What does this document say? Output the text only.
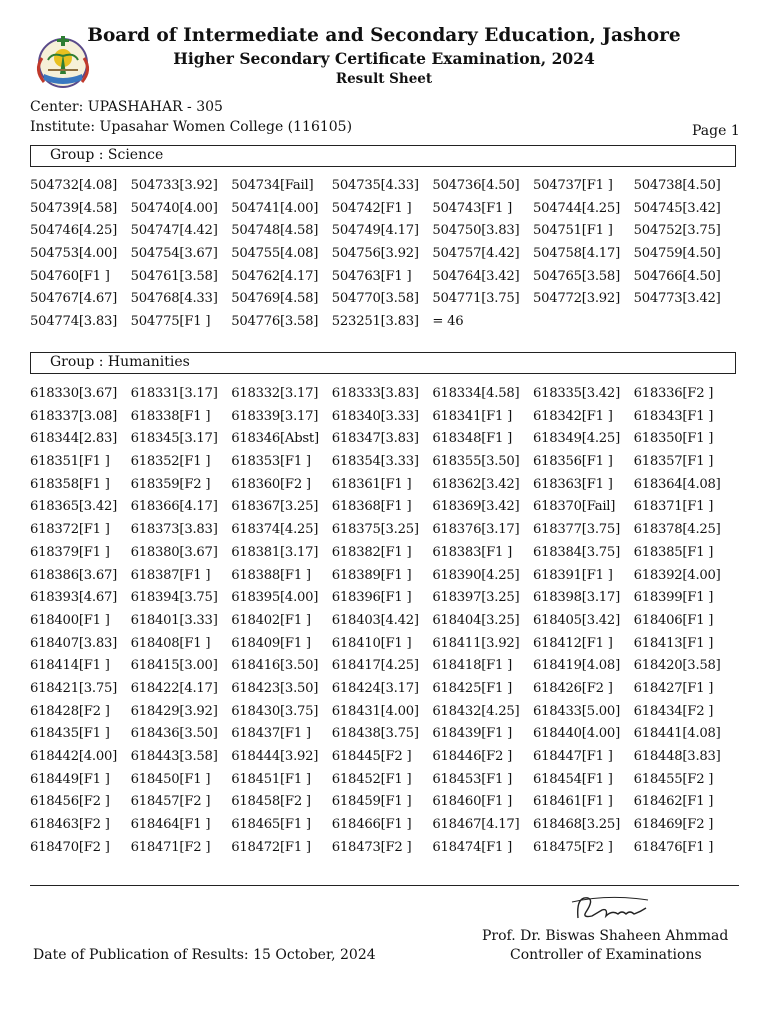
Board of Intermediate and Secondary Education, Jashore
Higher Secondary Certificate Examination, 2024
Result Sheet
Center: UPASHAHAR - 305
Institute: Upasahar Women College (116105)	Page 1
Group : Science
504732[4.08]	504733[3.92]	504734[Fail]	504735[4.33]	504736[4.50]	504737[F1 ]	504738[4.50]
504739[4.58]	504740[4.00]	504741[4.00]	504742[F1 ]	504743[F1 ]	504744[4.25]	504745[3.42]
504746[4.25]	504747[4.42]	504748[4.58]	504749[4.17]	504750[3.83]	504751[F1 ]	504752[3.75]
504753[4.00]	504754[3.67]	504755[4.08]	504756[3.92]	504757[4.42]	504758[4.17]	504759[4.50]
504760[F1 ]	504761[3.58]	504762[4.17]	504763[F1 ]	504764[3.42]	504765[3.58]	504766[4.50]
504767[4.67]	504768[4.33]	504769[4.58]	504770[3.58]	504771[3.75]	504772[3.92]	504773[3.42]
504774[3.83]	504775[F1 ]	504776[3.58]	523251[3.83]	= 46
Group : Humanities
618330[3.67]	618331[3.17]	618332[3.17]	618333[3.83]	618334[4.58]	618335[3.42]	618336[F2 ]
618337[3.08]	618338[F1 ]	618339[3.17]	618340[3.33]	618341[F1 ]	618342[F1 ]	618343[F1 ]
618344[2.83]	618345[3.17]	618346[Abst] 618347[3.83]	618348[F1 ]	618349[4.25]	618350[F1 ]
618351[F1 ]	618352[F1 ]	618353[F1 ]	618354[3.33]	618355[3.50]	618356[F1 ]	618357[F1 ]
618358[F1 ]	618359[F2 ]	618360[F2 ]	618361[F1 ]	618362[3.42]	618363[F1 ]	618364[4.08]
618365[3.42]	618366[4.17]	618367[3.25]	618368[F1 ]	618369[3.42]	618370[Fail]	618371[F1 ]
618372[F1 ]	618373[3.83]	618374[4.25]	618375[3.25]	618376[3.17]	618377[3.75]	618378[4.25]
618379[F1 ]	618380[3.67]	618381[3.17]	618382[F1 ]	618383[F1 ]	618384[3.75]	618385[F1 ]
618386[3.67]	618387[F1 ]	618388[F1 ]	618389[F1 ]	618390[4.25]	618391[F1 ]	618392[4.00]
618393[4.67]	618394[3.75]	618395[4.00]	618396[F1 ]	618397[3.25]	618398[3.17]	618399[F1 ]
618400[F1 ]	618401[3.33]	618402[F1 ]	618403[4.42]	618404[3.25]	618405[3.42]	618406[F1 ]
618407[3.83]	618408[F1 ]	618409[F1 ]	618410[F1 ]	618411[3.92]	618412[F1 ]	618413[F1 ]
618414[F1 ]	618415[3.00]	618416[3.50]	618417[4.25]	618418[F1 ]	618419[4.08]	618420[3.58]
618421[3.75]	618422[4.17]	618423[3.50]	618424[3.17]	618425[F1 ]	618426[F2 ]	618427[F1 ]
618428[F2 ]	618429[3.92]	618430[3.75]	618431[4.00]	618432[4.25]	618433[5.00]	618434[F2 ]
618435[F1 ]	618436[3.50]	618437[F1 ]	618438[3.75]	618439[F1 ]	618440[4.00]	618441[4.08]
618442[4.00]	618443[3.58]	618444[3.92]	618445[F2 ]	618446[F2 ]	618447[F1 ]	618448[3.83]
618449[F1 ]	618450[F1 ]	618451[F1 ]	618452[F1 ]	618453[F1 ]	618454[F1 ]	618455[F2 ]
618456[F2 ]	618457[F2 ]	618458[F2 ]	618459[F1 ]	618460[F1 ]	618461[F1 ]	618462[F1 ]
618463[F2 ]	618464[F1 ]	618465[F1 ]	618466[F1 ]	618467[4.17]	618468[3.25]	618469[F2 ]
618470[F2 ]	618471[F2 ]	618472[F1 ]	618473[F2 ]	618474[F1 ]	618475[F2 ]	618476[F1 ]
Prof. Dr. Biswas Shaheen Ahmmad
Controller of Examinations
Date of Publication of Results: 15 October, 2024
